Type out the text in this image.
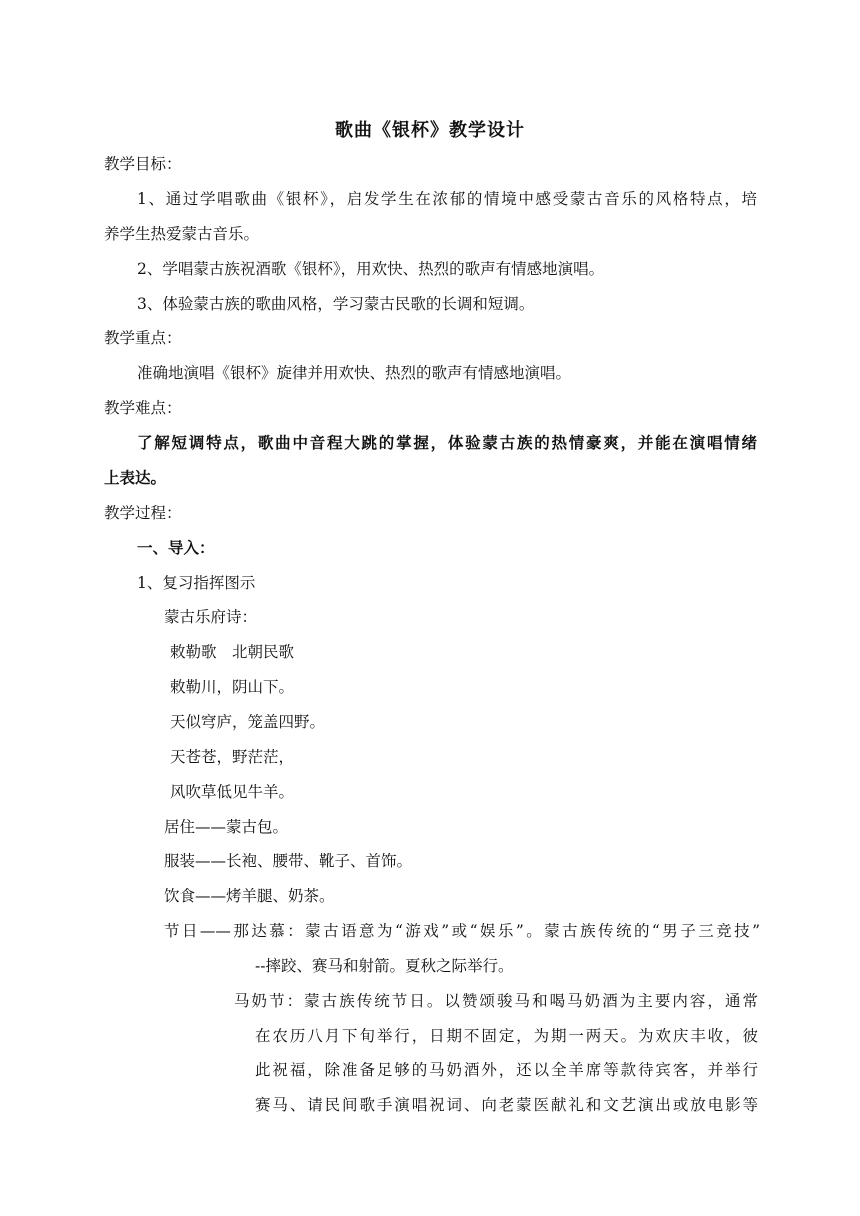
歌曲《银杯》教学设计
教学目标：
1、通过学唱歌曲《银杯》，启发学生在浓郁的情境中感受蒙古音乐的风格特点，培
养学生热爱蒙古音乐。
2、学唱蒙古族祝酒歌《银杯》，用欢快、热烈的歌声有情感地演唱。
3、体验蒙古族的歌曲风格，学习蒙古民歌的长调和短调。
教学重点：
准确地演唱《银杯》旋律并用欢快、热烈的歌声有情感地演唱。
教学难点：
了解短调特点，歌曲中音程大跳的掌握，体验蒙古族的热情豪爽，并能在演唱情绪
上表达。
教学过程：
一、导入：
1、复习指挥图示
蒙古乐府诗：
敕勒歌　北朝民歌
敕勒川，阴山下。
天似穹庐，笼盖四野。
天苍苍，野茫茫，
风吹草低见牛羊。
居住——蒙古包。
服装——长袍、腰带、靴子、首饰。
饮食——烤羊腿、奶茶。
节日——那达慕：蒙古语意为“游戏”或“娱乐”。蒙古族传统的“男子三竞技”
--摔跤、赛马和射箭。夏秋之际举行。
马奶节：蒙古族传统节日。以赞颂骏马和喝马奶酒为主要内容，通常
在农历八月下旬举行，日期不固定，为期一两天。为欢庆丰收，彼
此祝福，除准备足够的马奶酒外，还以全羊席等款待宾客，并举行
赛马、请民间歌手演唱祝词、向老蒙医献礼和文艺演出或放电影等
